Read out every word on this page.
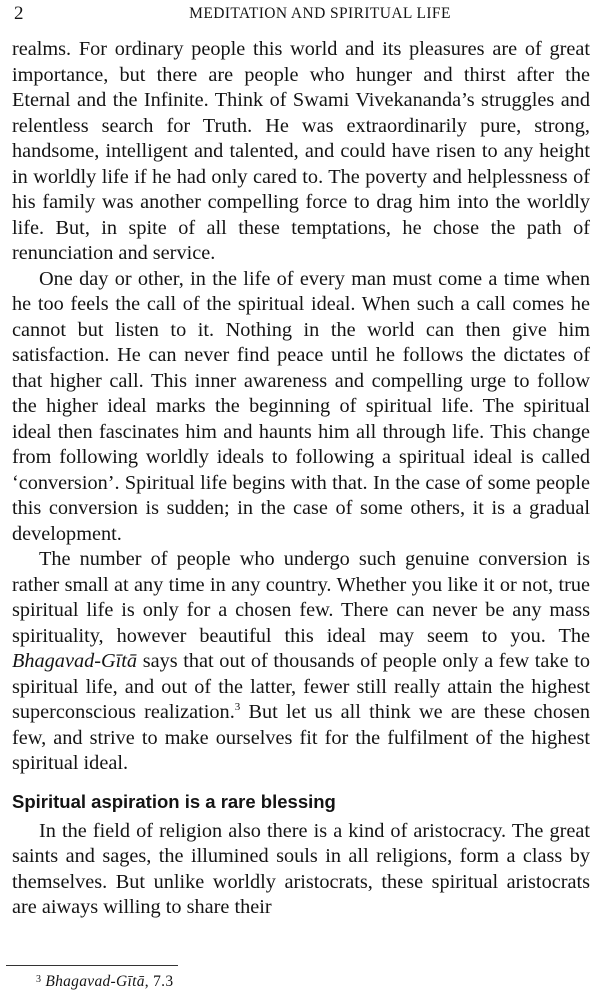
2	MEDITATION AND SPIRITUAL LIFE

realms. For ordinary people this world and its pleasures are of great importance, but there are people who hunger and thirst after the Eternal and the Infinite. Think of Swami Vivekananda’s struggles and relentless search for Truth. He was extraordinarily pure, strong, handsome, intelligent and talented, and could have risen to any height in worldly life if he had only cared to. The poverty and helplessness of his family was another compelling force to drag him into the worldly life. But, in spite of all these temptations, he chose the path of renunciation and service.

One day or other, in the life of every man must come a time when he too feels the call of the spiritual ideal. When such a call comes he cannot but listen to it. Nothing in the world can then give him satisfaction. He can never find peace until he follows the dictates of that higher call. This inner awareness and compelling urge to follow the higher ideal marks the beginning of spiritual life. The spiritual ideal then fascinates him and haunts him all through life. This change from following worldly ideals to following a spiritual ideal is called ‘conversion’. Spiritual life begins with that. In the case of some people this conversion is sudden; in the case of some others, it is a gradual development.

The number of people who undergo such genuine conversion is rather small at any time in any country. Whether you like it or not, true spiritual life is only for a chosen few. There can never be any mass spirituality, however beautiful this ideal may seem to you. The Bhagavad-Gītā says that out of thousands of people only a few take to spiritual life, and out of the latter, fewer still really attain the highest superconscious realization.$^3$ But let us all think we are these chosen few, and strive to make ourselves fit for the fulfilment of the highest spiritual ideal.

Spiritual aspiration is a rare blessing

In the field of religion also there is a kind of aristocracy. The great saints and sages, the illumined souls in all religions, form a class by themselves. But unlike worldly aristocrats, these spiritual aristocrats are aiways willing to share their

$^3$ Bhagavad-Gītā, 7.3
